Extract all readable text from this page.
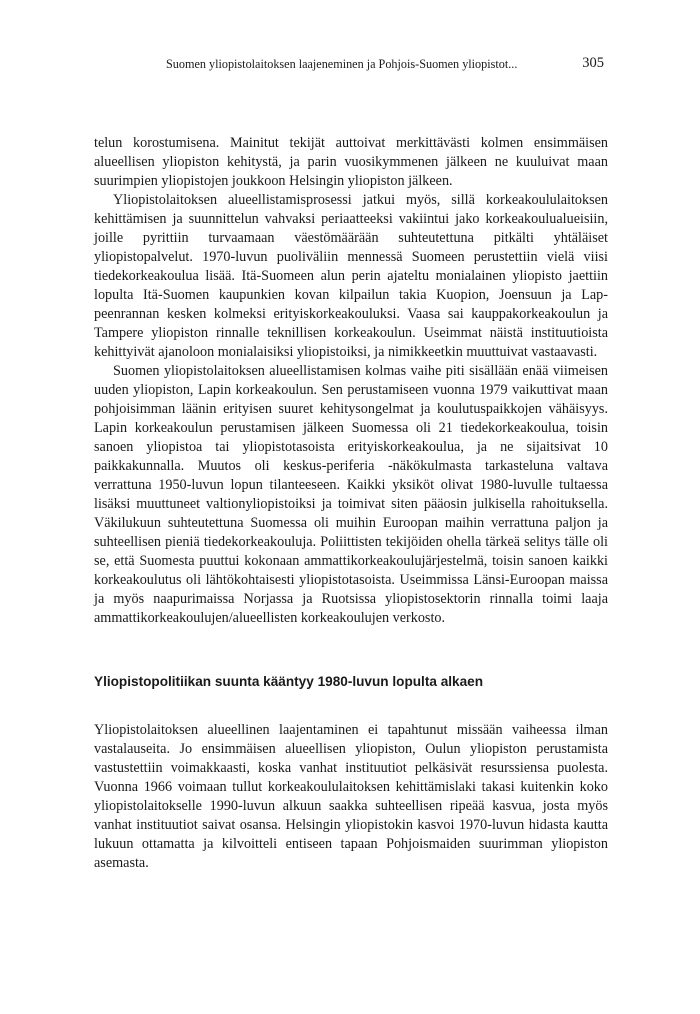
Suomen yliopistolaitoksen laajeneminen ja Pohjois-Suomen yliopistot...	305

telun korostumisena. Mainitut tekijät auttoivat merkittävästi kolmen ensimmäisen alueellisen yliopiston kehitystä, ja parin vuosikymmenen jälkeen ne kuuluivat maan suurimpien yliopistojen joukkoon Helsingin yliopiston jälkeen.

Yliopistolaitoksen alueellistamisprosessi jatkui myös, sillä korkeakoululaitoksen kehittämisen ja suunnittelun vahvaksi periaatteeksi vakiintui jako korkeakoulualueisiin, joille pyrittiin turvaamaan väestömäärään suhteutettuna pitkälti yhtäläiset yliopistopalvelut. 1970-luvun puoliväliin mennessä Suomeen perustettiin vielä viisi tiedekorkeakoulua lisää. Itä-Suomeen alun perin ajateltu monialainen yliopisto jaettiin lopulta Itä-Suomen kaupunkien kovan kilpailun takia Kuopion, Joensuun ja Lappeenrannan kesken kolmeksi erityiskorkeakouluksi. Vaasa sai kauppakorkeakoulun ja Tampere yliopiston rinnalle teknillisen korkeakoulun. Useimmat näistä instituutioista kehittyivät ajanoloon monialaisiksi yliopistoiksi, ja nimikkeetkin muuttuivat vastaavasti.

Suomen yliopistolaitoksen alueellistamisen kolmas vaihe piti sisällään enää viimeisen uuden yliopiston, Lapin korkeakoulun. Sen perustamiseen vuonna 1979 vaikuttivat maan pohjoisimman läänin erityisen suuret kehitysongelmat ja koulutuspaikkojen vähäisyys. Lapin korkeakoulun perustamisen jälkeen Suomessa oli 21 tiedekorkeakoulua, toisin sanoen yliopistoa tai yliopistotasoista erityiskorkeakoulua, ja ne sijaitsivat 10 paikkakunnalla. Muutos oli keskus-periferia -näkökulmasta tarkasteluna valtava verrattuna 1950-luvun lopun tilanteeseen. Kaikki yksiköt olivat 1980-luvulle tultaessa lisäksi muuttuneet valtionyliopistoiksi ja toimivat siten pääosin julkisella rahoituksella. Väkilukuun suhteutettuna Suomessa oli muihin Euroopan maihin verrattuna paljon ja suhteellisen pieniä tiedekorkeakouluja. Poliittisten tekijöiden ohella tärkeä selitys tälle oli se, että Suomesta puuttui kokonaan ammattikorkeakoulujärjestelmä, toisin sanoen kaikki korkeakoulutus oli lähtökohtaisesti yliopistotasoista. Useimmissa Länsi-Euroopan maissa ja myös naapurimaissa Norjassa ja Ruotsissa yliopistosektorin rinnalla toimi laaja ammattikorkeakoulujen/alueellisten korkeakoulujen verkosto.

Yliopistopolitiikan suunta kääntyy 1980-luvun lopulta alkaen

Yliopistolaitoksen alueellinen laajentaminen ei tapahtunut missään vaiheessa ilman vastalauseita. Jo ensimmäisen alueellisen yliopiston, Oulun yliopiston perustamista vastustettiin voimakkaasti, koska vanhat instituutiot pelkäsivät resurssiensa puolesta. Vuonna 1966 voimaan tullut korkeakoululaitoksen kehittämislaki takasi kuitenkin koko yliopistolaitokselle 1990-luvun alkuun saakka suhteellisen ripeää kasvua, josta myös vanhat instituutiot saivat osansa. Helsingin yliopistokin kasvoi 1970-luvun hidasta kautta lukuun ottamatta ja kilvoitteli entiseen tapaan Pohjoismaiden suurimman yliopiston asemasta.
